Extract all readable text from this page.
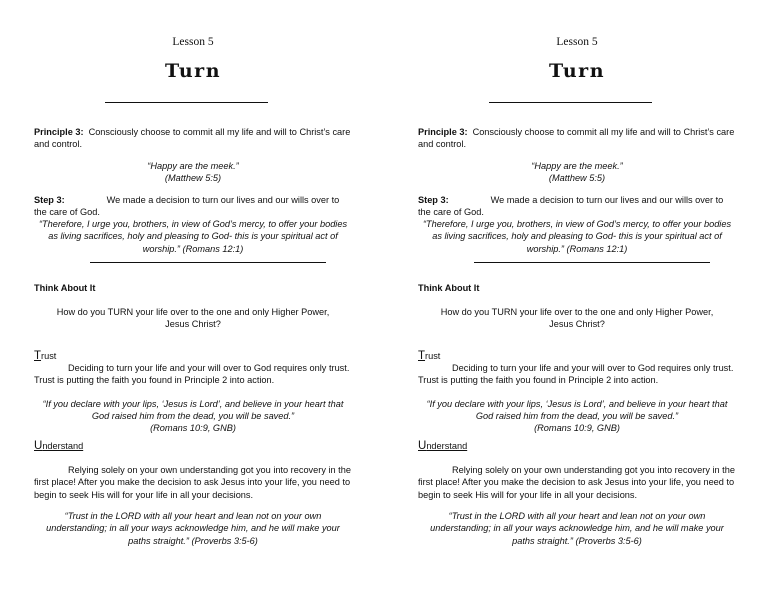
Lesson 5
Turn
Principle 3: Consciously choose to commit all my life and will to Christ’s care and control.
“Happy are the meek.”
(Matthew 5:5)
Step 3:	We made a decision to turn our lives and our wills over to the care of God.
“Therefore, I urge you, brothers, in view of God’s mercy, to offer your bodies as living sacrifices, holy and pleasing to God- this is your spiritual act of worship.” (Romans 12:1)
Think About It
How do you TURN your life over to the one and only Higher Power, Jesus Christ?
Trust
Deciding to turn your life and your will over to God requires only trust. Trust is putting the faith you found in Principle 2 into action.
“If you declare with your lips, ‘Jesus is Lord’, and believe in your heart that God raised him from the dead, you will be saved.”
(Romans 10:9, GNB)
Understand
Relying solely on your own understanding got you into recovery in the first place! After you make the decision to ask Jesus into your life, you need to begin to seek His will for your life in all your decisions.
“Trust in the LORD with all your heart and lean not on your own understanding; in all your ways acknowledge him, and he will make your paths straight.” (Proverbs 3:5-6)
Lesson 5
Turn
Principle 3: Consciously choose to commit all my life and will to Christ’s care and control.
“Happy are the meek.”
(Matthew 5:5)
Step 3:	We made a decision to turn our lives and our wills over to the care of God.
“Therefore, I urge you, brothers, in view of God’s mercy, to offer your bodies as living sacrifices, holy and pleasing to God- this is your spiritual act of worship.” (Romans 12:1)
Think About It
How do you TURN your life over to the one and only Higher Power, Jesus Christ?
Trust
Deciding to turn your life and your will over to God requires only trust. Trust is putting the faith you found in Principle 2 into action.
“If you declare with your lips, ‘Jesus is Lord’, and believe in your heart that God raised him from the dead, you will be saved.”
(Romans 10:9, GNB)
Understand
Relying solely on your own understanding got you into recovery in the first place! After you make the decision to ask Jesus into your life, you need to begin to seek His will for your life in all your decisions.
“Trust in the LORD with all your heart and lean not on your own understanding; in all your ways acknowledge him, and he will make your paths straight.” (Proverbs 3:5-6)
